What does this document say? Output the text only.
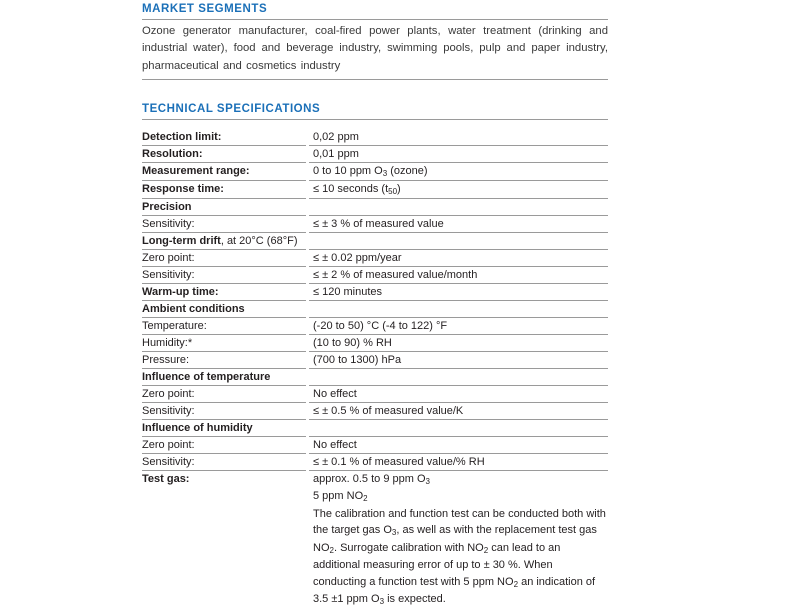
MARKET SEGMENTS
Ozone generator manufacturer, coal-fired power plants, water treatment (drinking and industrial water), food and beverage industry, swimming pools, pulp and paper industry, pharmaceutical and cosmetics industry
TECHNICAL SPECIFICATIONS
Detection limit:		0,02 ppm
Resolution:		0,01 ppm
Measurement range:		0 to 10 ppm $O_3$ (ozone)
Response time:		≤ 10 seconds $(t_{50})$
Precision		
Sensitivity:		≤ ± 3 % of measured value
Long-term drift, at 20°C (68°F)		
Zero point:		≤ ± 0.02 ppm/year
Sensitivity:		≤ ± 2 % of measured value/month
Warm-up time:		≤ 120 minutes
Ambient conditions		
Temperature:		(-20 to 50) °C (-4 to 122) °F
Humidity:*		(10 to 90) % RH
Pressure:		(700 to 1300) hPa
Influence of temperature		
Zero point:		No effect
Sensitivity:		≤ ± 0.5 % of measured value/K
Influence of humidity		
Zero point:		No effect
Sensitivity:		≤ ± 0.1 % of measured value/% RH
Test gas:		approx. 0.5 to 9 ppm $O_3$
5 ppm $NO_2$
The calibration and function test can be conducted both with the target gas $O_3$, as well as with the replacement test gas $NO_2$. Surrogate calibration with $NO_2$ can lead to an additional measuring error of up to ± 30 %. When conducting a function test with 5 ppm $NO_2$ an indication of 3.5 ±1 ppm $O_3$ is expected.
